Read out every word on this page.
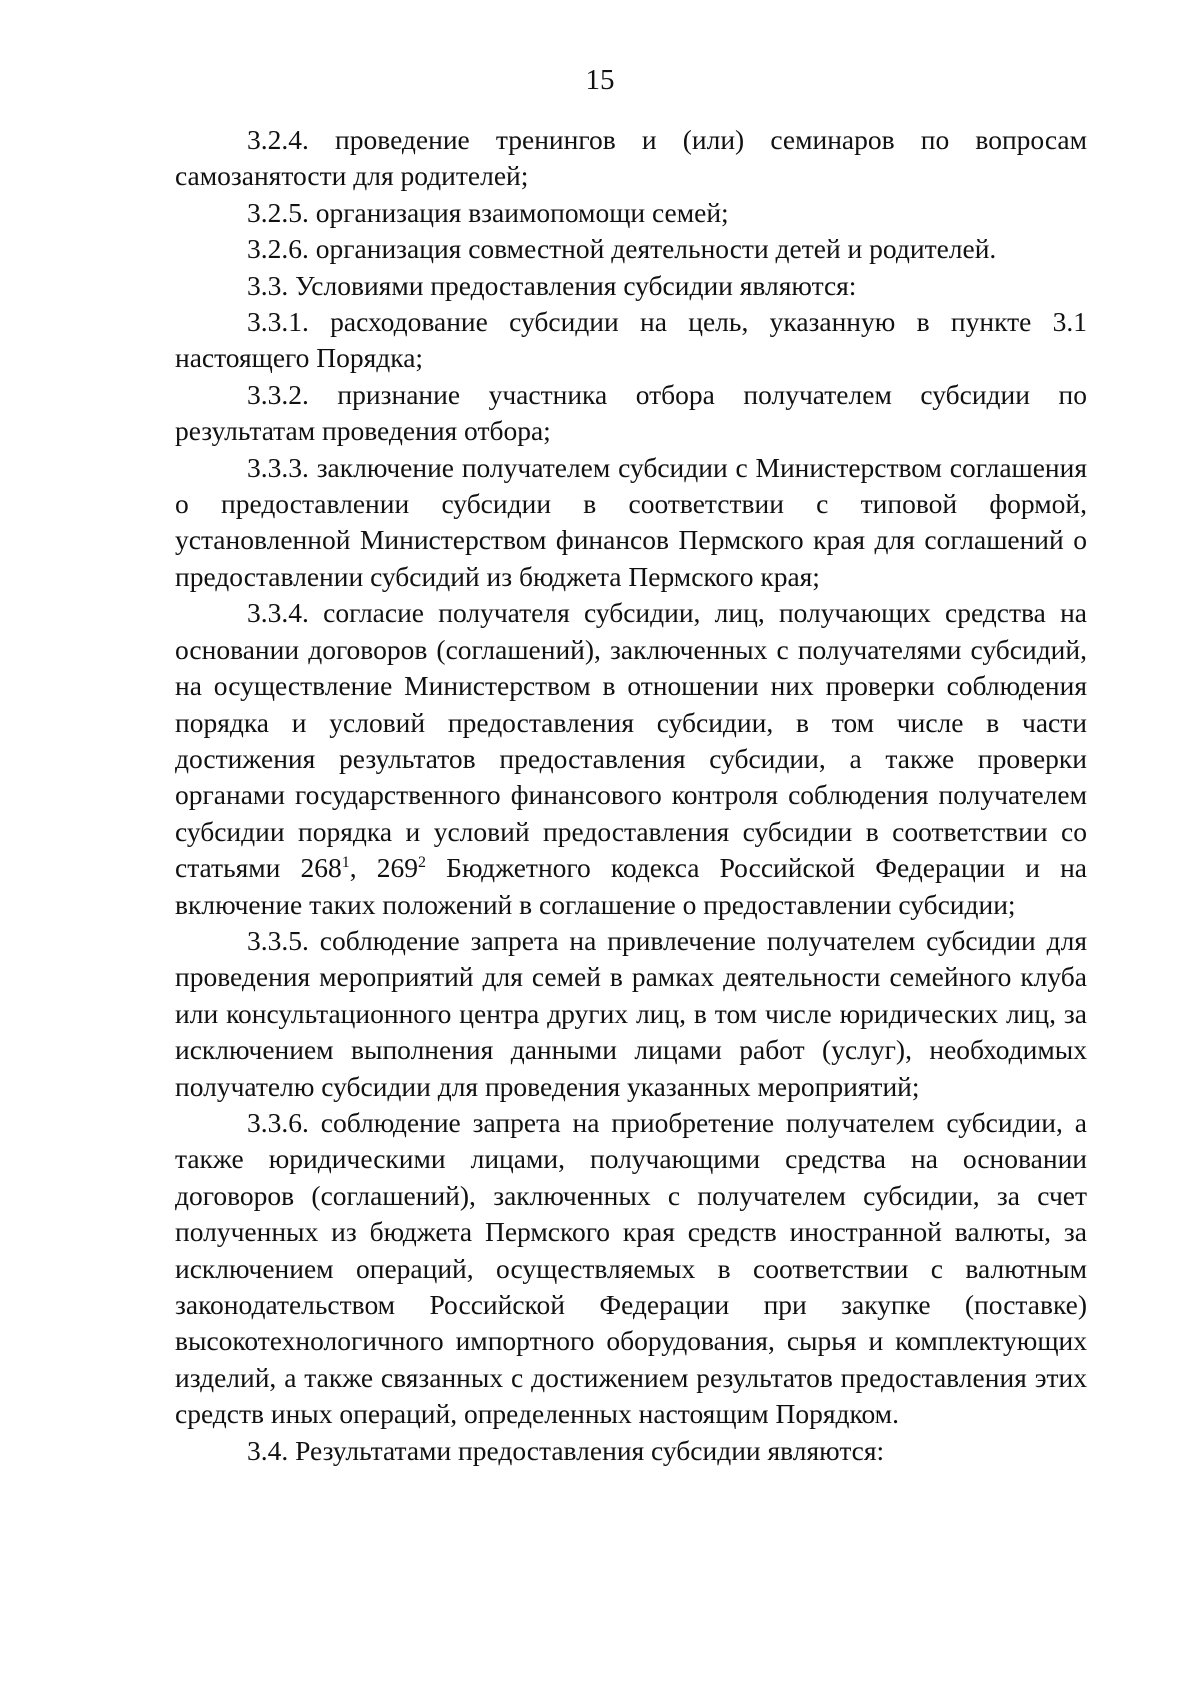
15

3.2.4. проведение тренингов и (или) семинаров по вопросам самозанятости для родителей;

3.2.5. организация взаимопомощи семей;

3.2.6. организация совместной деятельности детей и родителей.

3.3. Условиями предоставления субсидии являются:

3.3.1. расходование субсидии на цель, указанную в пункте 3.1 настоящего Порядка;

3.3.2. признание участника отбора получателем субсидии по результатам проведения отбора;

3.3.3. заключение получателем субсидии с Министерством соглашения о предоставлении субсидии в соответствии с типовой формой, установленной Министерством финансов Пермского края для соглашений о предоставлении субсидий из бюджета Пермского края;

3.3.4. согласие получателя субсидии, лиц, получающих средства на основании договоров (соглашений), заключенных с получателями субсидий, на осуществление Министерством в отношении них проверки соблюдения порядка и условий предоставления субсидии, в том числе в части достижения результатов предоставления субсидии, а также проверки органами государственного финансового контроля соблюдения получателем субсидии порядка и условий предоставления субсидии в соответствии со статьями $268^1$, $269^2$ Бюджетного кодекса Российской Федерации и на включение таких положений в соглашение о предоставлении субсидии;

3.3.5. соблюдение запрета на привлечение получателем субсидии для проведения мероприятий для семей в рамках деятельности семейного клуба или консультационного центра других лиц, в том числе юридических лиц, за исключением выполнения данными лицами работ (услуг), необходимых получателю субсидии для проведения указанных мероприятий;

3.3.6. соблюдение запрета на приобретение получателем субсидии, а также юридическими лицами, получающими средства на основании договоров (соглашений), заключенных с получателем субсидии, за счет полученных из бюджета Пермского края средств иностранной валюты, за исключением операций, осуществляемых в соответствии с валютным законодательством Российской Федерации при закупке (поставке) высокотехнологичного импортного оборудования, сырья и комплектующих изделий, а также связанных с достижением результатов предоставления этих средств иных операций, определенных настоящим Порядком.

3.4. Результатами предоставления субсидии являются:
